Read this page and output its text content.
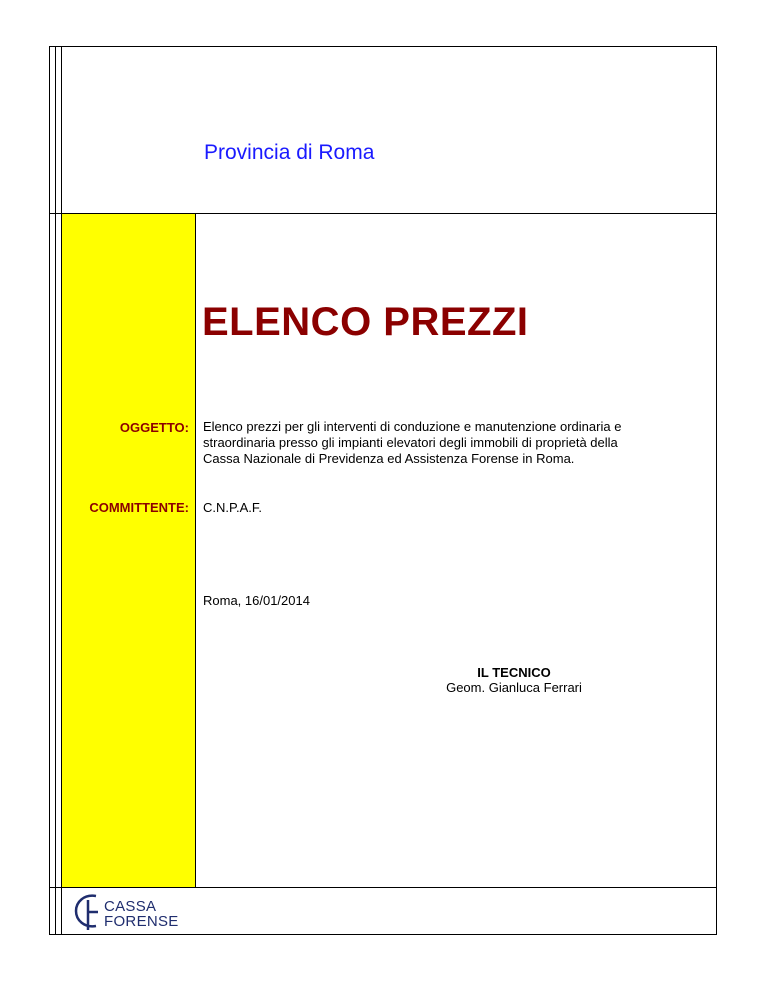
Provincia di Roma
ELENCO PREZZI
OGGETTO: Elenco prezzi per gli interventi di conduzione e manutenzione ordinaria e
straordinaria presso gli impianti elevatori degli immobili di proprietà della
Cassa Nazionale di Previdenza ed Assistenza Forense in Roma.
COMMITTENTE: C.N.P.A.F.
Roma, 16/01/2014
IL TECNICO
Geom. Gianluca Ferrari
CASSA
FORENSE
